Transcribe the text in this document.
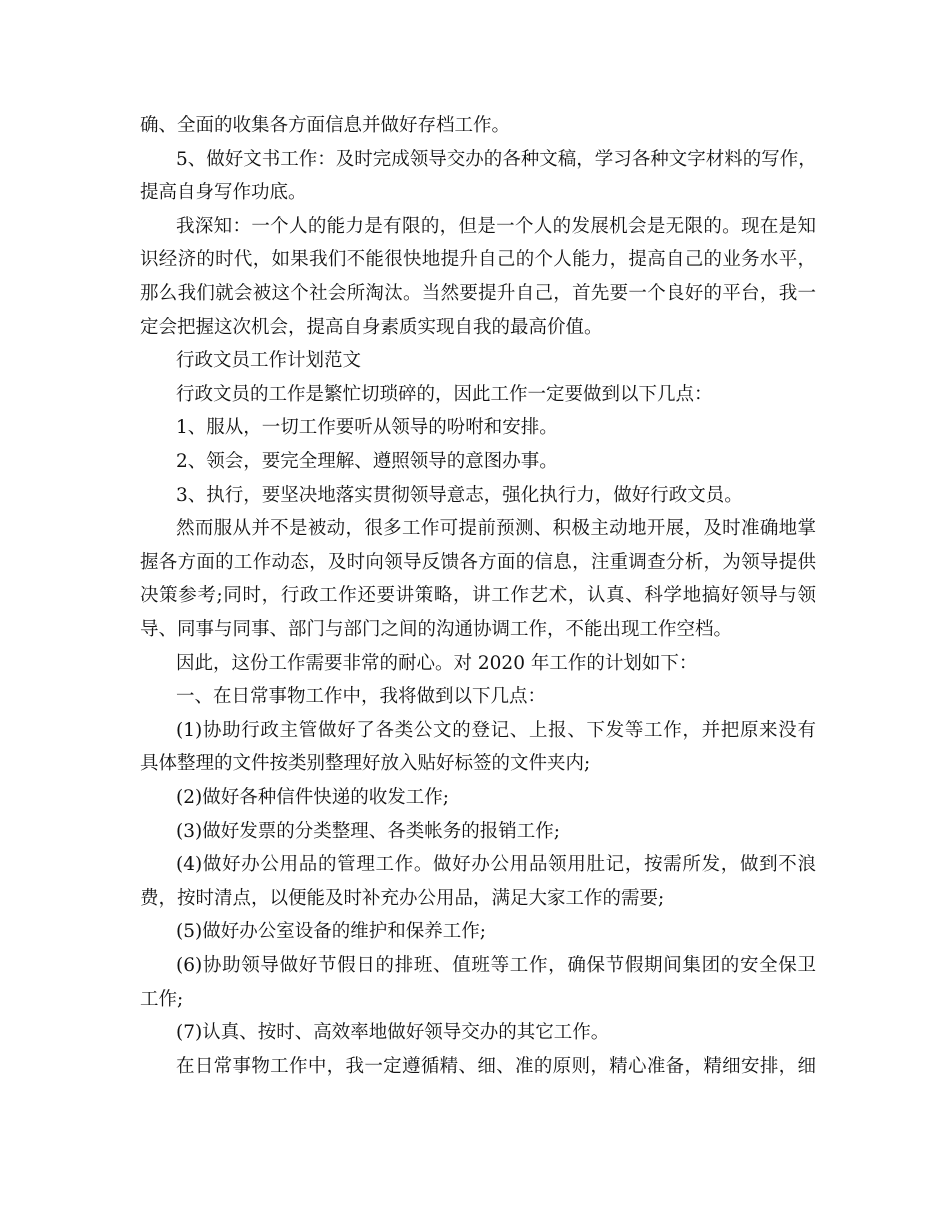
确、全面的收集各方面信息并做好存档工作。
5、做好文书工作：及时完成领导交办的各种文稿，学习各种文字材料的写作，
提高自身写作功底。
我深知：一个人的能力是有限的，但是一个人的发展机会是无限的。现在是知
识经济的时代，如果我们不能很快地提升自己的个人能力，提高自己的业务水平，
那么我们就会被这个社会所淘汰。当然要提升自己，首先要一个良好的平台，我一
定会把握这次机会，提高自身素质实现自我的最高价值。
行政文员工作计划范文
行政文员的工作是繁忙切琐碎的，因此工作一定要做到以下几点：
1、服从，一切工作要听从领导的吩咐和安排。
2、领会，要完全理解、遵照领导的意图办事。
3、执行，要坚决地落实贯彻领导意志，强化执行力，做好行政文员。
然而服从并不是被动，很多工作可提前预测、积极主动地开展，及时准确地掌
握各方面的工作动态，及时向领导反馈各方面的信息，注重调查分析，为领导提供
决策参考;同时，行政工作还要讲策略，讲工作艺术，认真、科学地搞好领导与领
导、同事与同事、部门与部门之间的沟通协调工作，不能出现工作空档。
因此，这份工作需要非常的耐心。对 2020 年工作的计划如下：
一、在日常事物工作中，我将做到以下几点：
(1)协助行政主管做好了各类公文的登记、上报、下发等工作，并把原来没有
具体整理的文件按类别整理好放入贴好标签的文件夹内;
(2)做好各种信件快递的收发工作;
(3)做好发票的分类整理、各类帐务的报销工作;
(4)做好办公用品的管理工作。做好办公用品领用肚记，按需所发，做到不浪
费，按时清点，以便能及时补充办公用品，满足大家工作的需要;
(5)做好办公室设备的维护和保养工作;
(6)协助领导做好节假日的排班、值班等工作，确保节假期间集团的安全保卫
工作;
(7)认真、按时、高效率地做好领导交办的其它工作。
在日常事物工作中，我一定遵循精、细、准的原则，精心准备，精细安排，细
